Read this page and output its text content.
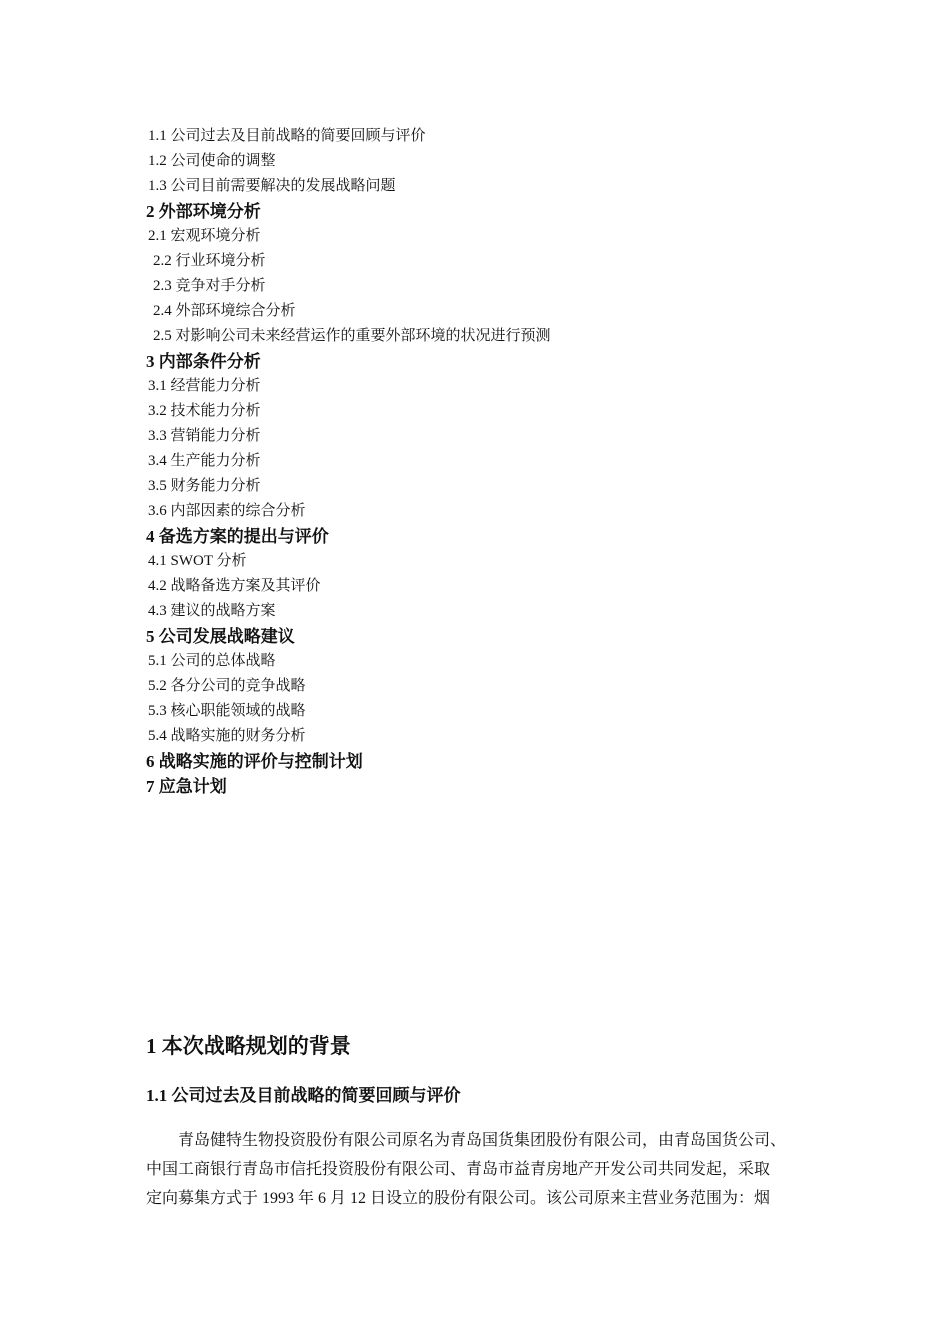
1.1 公司过去及目前战略的简要回顾与评价
1.2 公司使命的调整
1.3 公司目前需要解决的发展战略问题
2 外部环境分析
2.1 宏观环境分析
2.2 行业环境分析
2.3 竞争对手分析
2.4 外部环境综合分析
2.5 对影响公司未来经营运作的重要外部环境的状况进行预测
3 内部条件分析
3.1 经营能力分析
3.2 技术能力分析
3.3 营销能力分析
3.4 生产能力分析
3.5 财务能力分析
3.6 内部因素的综合分析
4 备选方案的提出与评价
4.1 SWOT 分析
4.2 战略备选方案及其评价
4.3 建议的战略方案
5 公司发展战略建议
5.1 公司的总体战略
5.2 各分公司的竞争战略
5.3 核心职能领域的战略
5.4 战略实施的财务分析
6 战略实施的评价与控制计划
7 应急计划
1 本次战略规划的背景
1.1 公司过去及目前战略的简要回顾与评价

青岛健特生物投资股份有限公司原名为青岛国货集团股份有限公司，由青岛国货公司、
中国工商银行青岛市信托投资股份有限公司、青岛市益青房地产开发公司共同发起，采取
定向募集方式于 1993 年 6 月 12 日设立的股份有限公司。该公司原来主营业务范围为：烟
